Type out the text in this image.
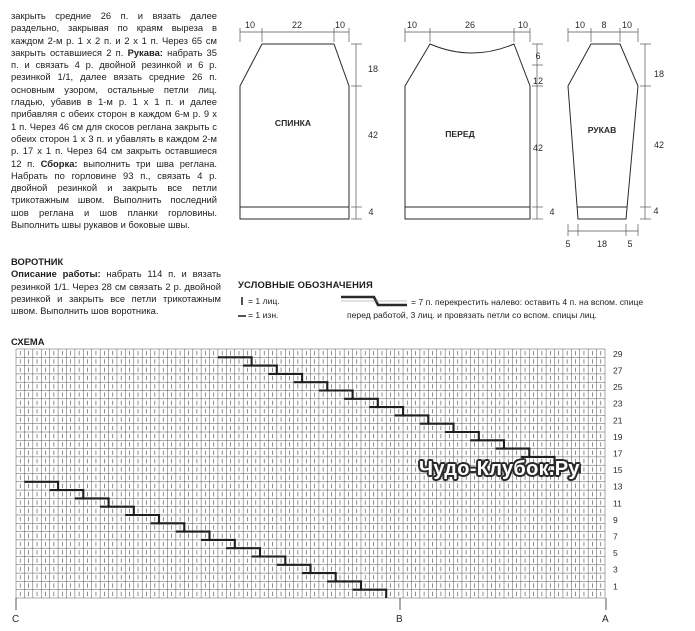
закрыть средние 26 п. и вязать далее раздельно, закрывая по краям выреза в каждом 2-м р. 1 х 2 п. и 2 х 1 п. Через 65 см закрыть оставшиеся 2 п. Рукава: набрать 35 п. и связать 4 р. двойной резинкой и 6 р. резинкой 1/1, далее вязать средние 26 п. основным узором, остальные петли лиц. гладью, убавив в 1-м р. 1 х 1 п. и далее прибавляя с обеих сторон в каждом 6-м р. 9 х 1 п. Через 46 см для скосов реглана закрыть с обеих сторон 1 х 3 п. и убавлять в каждом 2-м р. 17 х 1 п. Через 64 см закрыть оставшиеся 12 п. Сборка: выполнить три шва реглана. Набрать по горловине 93 п., связать 4 р. двойной резинкой и закрыть все петли трикотажным швом. Выполнить последний шов реглана и шов планки горловины. Выполнить швы рукавов и боковые швы.
ВОРОТНИК
Описание работы: набрать 114 п. и вязать резинкой 1/1. Через 28 см связать 2 р. двойной резинкой и закрыть все петли трикотажным швом. Выполнить шов воротника.
СПИНКА
10	22	10
18
42
4
ПЕРЕД
10	26	10
6
12
42
4
РУКАВ
10 8 10
18
42
4
5	18 5
УСЛОВНЫЕ ОБОЗНАЧЕНИЯ
= 1 лиц.
= 1 изн.
= 7 п. перекрестить налево: оставить 4 п. на вспом. спице
перед работой, 3 лиц. и провязать петли со вспом. спицы лиц.
СХЕМА
29
27
25
23
21
19
17
15
13
11
9
7
5
3
1
C	B	A
Чудо-Клубок.Ру
